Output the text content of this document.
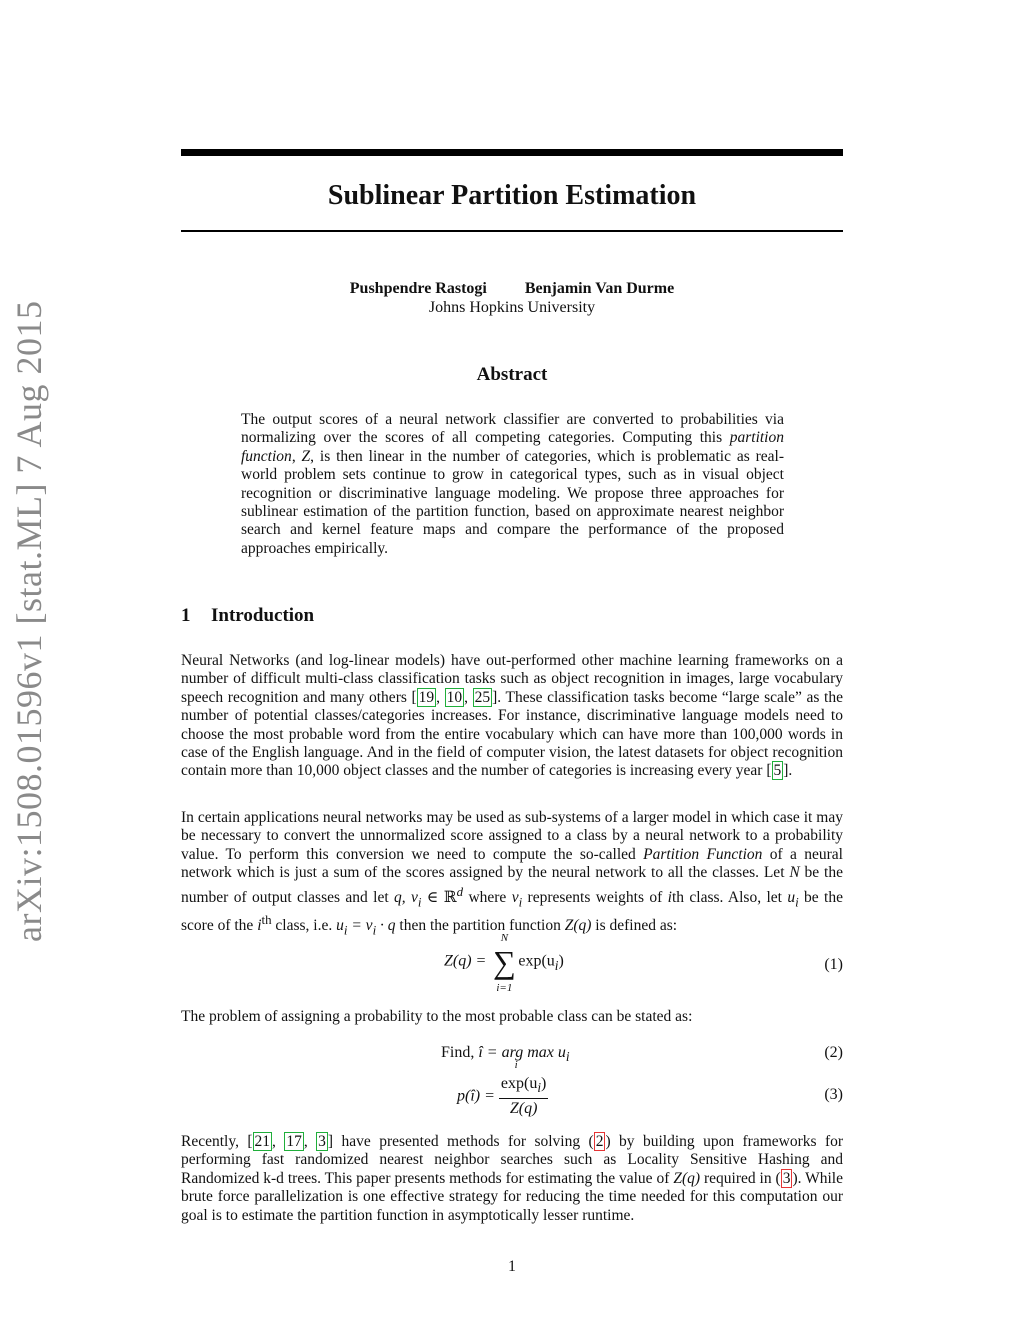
arXiv:1508.01596v1 [stat.ML] 7 Aug 2015
Sublinear Partition Estimation
Pushpendre Rastogi Benjamin Van Durme
Johns Hopkins University
Abstract
The output scores of a neural network classifier are converted to probabilities via normalizing over the scores of all competing categories. Computing this partition function, Z, is then linear in the number of categories, which is problematic as real-world problem sets continue to grow in categorical types, such as in visual object recognition or discriminative language modeling. We propose three approaches for sublinear estimation of the partition function, based on approximate nearest neighbor search and kernel feature maps and compare the performance of the proposed approaches empirically.
1 Introduction
Neural Networks (and log-linear models) have out-performed other machine learning frameworks on a number of difficult multi-class classification tasks such as object recognition in images, large vocabulary speech recognition and many others [ 19 , 10 , 25 ]. These classification tasks become “large scale” as the number of potential classes/categories increases. For instance, discriminative language models need to choose the most probable word from the entire vocabulary which can have more than 100,000 words in case of the English language. And in the field of computer vision, the latest datasets for object recognition contain more than 10,000 object classes and the number of categories is increasing every year [ 5 ].
In certain applications neural networks may be used as sub-systems of a larger model in which case it may be necessary to convert the unnormalized score assigned to a class by a neural network to a probability value. To perform this conversion we need to compute the so-called Partition Function of a neural network which is just a sum of the scores assigned by the neural network to all the classes. Let N be the number of output classes and let q, $v_i$ ∈ ℝ$^d$ where $v_i$ represents weights of ith class. Also, let $u_i$ be the score of the $i^{th}$ class, i.e. $u_i = v_i \cdot q$ then the partition function Z(q) is defined as:
Z(q) =
N
∑
i=1
$\exp(u_i)$	(1)
The problem of assigning a probability to the most probable class can be stated as:
Find, î = arg max
i
$u_i$	(2)
p(î) = $\frac{\exp(u_i)}{Z(q)}$	(3)
Recently, [ 21 , 17 , 3 ] have presented methods for solving ( 2 ) by building upon frameworks for performing fast randomized nearest neighbor searches such as Locality Sensitive Hashing and Randomized k-d trees. This paper presents methods for estimating the value of Z(q) required in ( 3 ). While brute force parallelization is one effective strategy for reducing the time needed for this computation our goal is to estimate the partition function in asymptotically lesser runtime.
1
